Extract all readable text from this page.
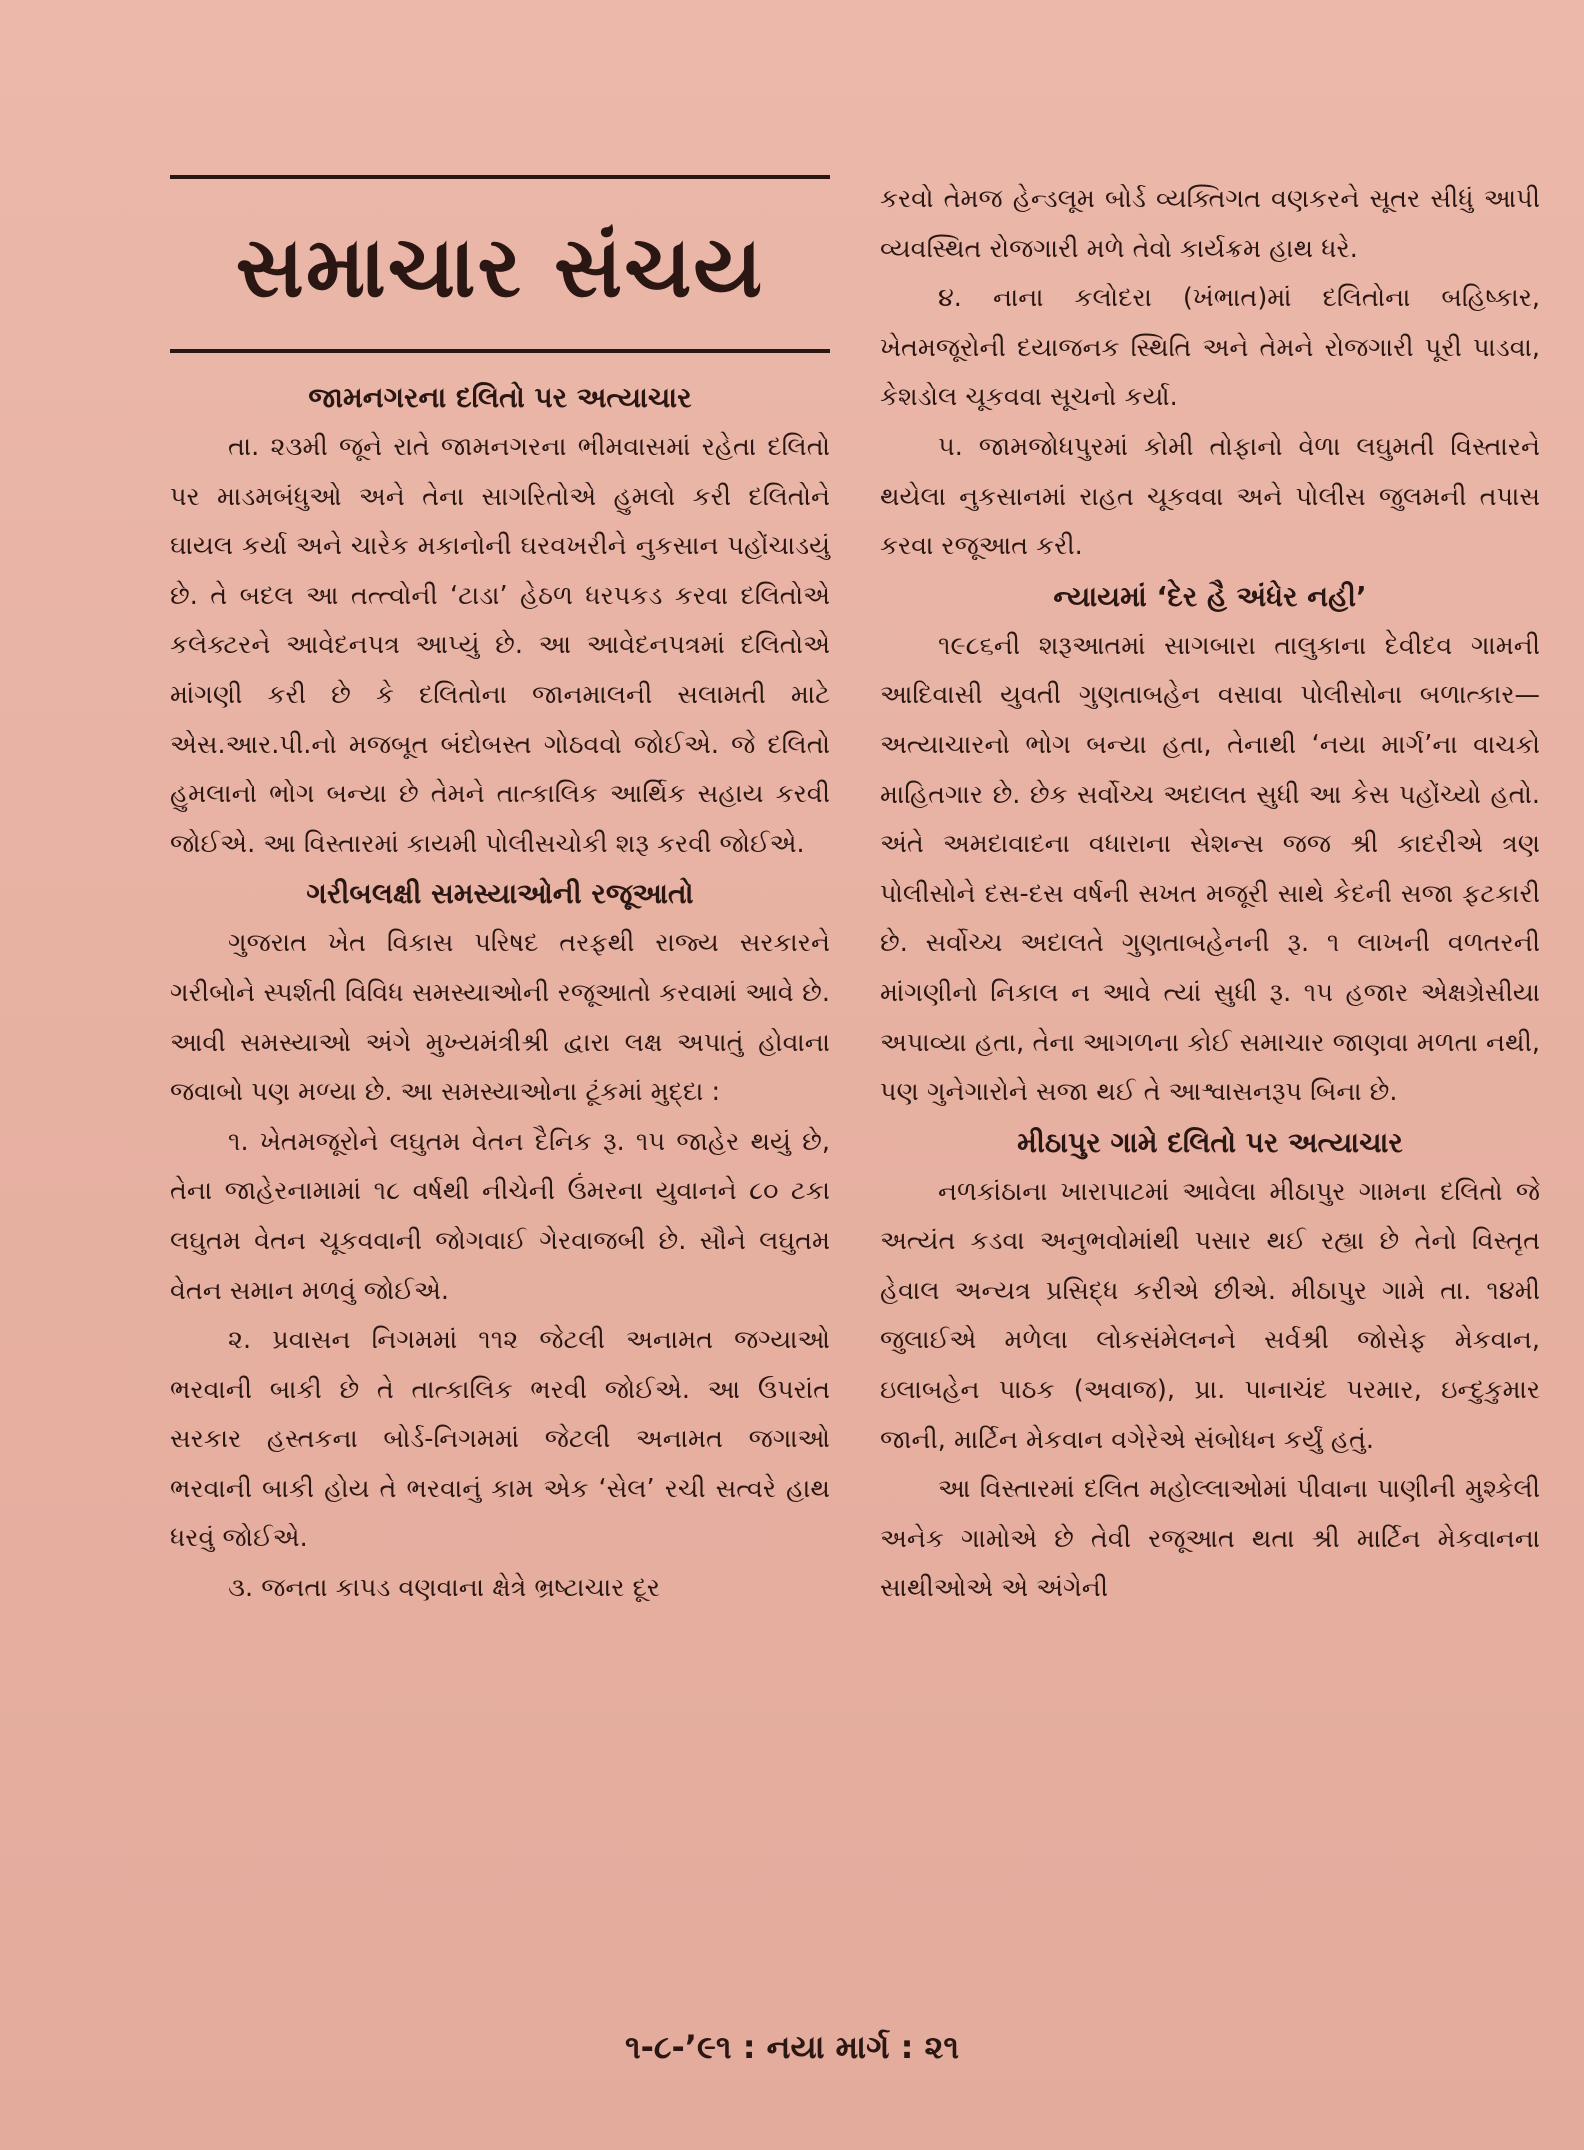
સમાચાર સંચય
જામનગરના દલિતો પર અત્યાચાર

તા. ૨૩મી જૂને રાતે જામનગરના ભીમવાસમાં રહેતા દલિતો પર માડમબંધુઓ અને તેના સાગરિતોએ હુમલો કરી દલિતોને ઘાયલ કર્યા અને ચારેક મકાનોની ઘરવખરીને નુકસાન પહોંચાડયું છે. તે બદલ આ તત્ત્વોની ‘ટાડા’ હેઠળ ધરપકડ કરવા દલિતોએ કલેક્ટરને આવેદનપત્ર આપ્યું છે. આ આવેદનપત્રમાં દલિતોએ માંગણી કરી છે કે દલિતોના જાનમાલની સલામતી માટે એસ.આર.પી.નો મજબૂત બંદોબસ્ત ગોઠવવો જોઈએ. જે દલિતો હુમલાનો ભોગ બન્યા છે તેમને તાત્કાલિક આર્થિક સહાય કરવી જોઈએ. આ વિસ્તારમાં કાયમી પોલીસચોકી શરૂ કરવી જોઈએ.

ગરીબલક્ષી સમસ્યાઓની રજૂઆતો

ગુજરાત ખેત વિકાસ પરિષદ તરફથી રાજ્ય સરકારને ગરીબોને સ્પર્શતી વિવિધ સમસ્યાઓની રજૂઆતો કરવામાં આવે છે. આવી સમસ્યાઓ અંગે મુખ્યમંત્રીશ્રી દ્વારા લક્ષ અપાતું હોવાના જવાબો પણ મળ્યા છે. આ સમસ્યાઓના ટૂંકમાં મુદ્દા :

૧. ખેતમજૂરોને લઘુતમ વેતન દૈનિક રૂ. ૧૫ જાહેર થયું છે, તેના જાહેરનામામાં ૧૮ વર્ષથી નીચેની ઉંમરના યુવાનને ૮૦ ટકા લઘુતમ વેતન ચૂકવવાની જોગવાઈ ગેરવાજબી છે. સૌને લઘુતમ વેતન સમાન મળવું જોઈએ.

૨. પ્રવાસન નિગમમાં ૧૧૨ જેટલી અનામત જગ્યાઓ ભરવાની બાકી છે તે તાત્કાલિક ભરવી જોઈએ. આ ઉપરાંત સરકાર હસ્તકના બોર્ડ-નિગમમાં જેટલી અનામત જગાઓ ભરવાની બાકી હોય તે ભરવાનું કામ એક ‘સેલ’ રચી સત્વરે હાથ ધરવું જોઈએ.

૩. જનતા કાપડ વણવાના ક્ષેત્રે ભ્રષ્ટાચાર દૂર

કરવો તેમજ હેન્ડલૂમ બોર્ડ વ્યક્તિગત વણકરને સૂતર સીધું આપી વ્યવસ્થિત રોજગારી મળે તેવો કાર્યક્રમ હાથ ધરે.

૪. નાના કલોદરા (ખંભાત)માં દલિતોના બહિષ્કાર, ખેતમજૂરોની દયાજનક સ્થિતિ અને તેમને રોજગારી પૂરી પાડવા, કેશડોલ ચૂકવવા સૂચનો કર્યા.

૫. જામજોધપુરમાં કોમી તોફાનો વેળા લઘુમતી વિસ્તારને થયેલા નુકસાનમાં રાહત ચૂકવવા અને પોલીસ જુલમની તપાસ કરવા રજૂઆત કરી.

ન્યાયમાં ‘દેર હૈ અંધેર નહી’

૧૯૮૬ની શરૂઆતમાં સાગબારા તાલુકાના દેવીદવ ગામની આદિવાસી યુવતી ગુણતાબહેન વસાવા પોલીસોના બળાત્કાર—અત્યાચારનો ભોગ બન્યા હતા, તેનાથી ‘નયા માર્ગ’ના વાચકો માહિતગાર છે. છેક સર્વોચ્ચ અદાલત સુધી આ કેસ પહોંચ્યો હતો. અંતે અમદાવાદના વધારાના સેશન્સ જજ શ્રી કાદરીએ ત્રણ પોલીસોને દસ-દસ વર્ષની સખત મજૂરી સાથે કેદની સજા ફટકારી છે. સર્વોચ્ચ અદાલતે ગુણતાબહેનની રૂ. ૧ લાખની વળતરની માંગણીનો નિકાલ ન આવે ત્યાં સુધી રૂ. ૧૫ હજાર એક્ષગ્રેસીયા અપાવ્યા હતા, તેના આગળના કોઈ સમાચાર જાણવા મળતા નથી, પણ ગુનેગારોને સજા થઈ તે આશ્વાસનરૂપ બિના છે.

મીઠાપુર ગામે દલિતો પર અત્યાચાર

નળકાંઠાના ખારાપાટમાં આવેલા મીઠાપુર ગામના દલિતો જે અત્યંત કડવા અનુભવોમાંથી પસાર થઈ રહ્યા છે તેનો વિસ્તૃત હેવાલ અન્યત્ર પ્રસિદ્ધ કરીએ છીએ. મીઠાપુર ગામે તા. ૧૪મી જુલાઈએ મળેલા લોકસંમેલનને સર્વશ્રી જોસેફ મેકવાન, ઇલાબહેન પાઠક (અવાજ), પ્રા. પાનાચંદ પરમાર, ઇન્દુકુમાર જાની, માર્ટિન મેકવાન વગેરેએ સંબોધન કર્યું હતું.

આ વિસ્તારમાં દલિત મહોલ્લાઓમાં પીવાના પાણીની મુશ્કેલી અનેક ગામોએ છે તેવી રજૂઆત થતા શ્રી માર્ટિન મેકવાનના સાથીઓએ એ અંગેની

૧-૮-’૯૧ : નયા માર્ગ : ૨૧
